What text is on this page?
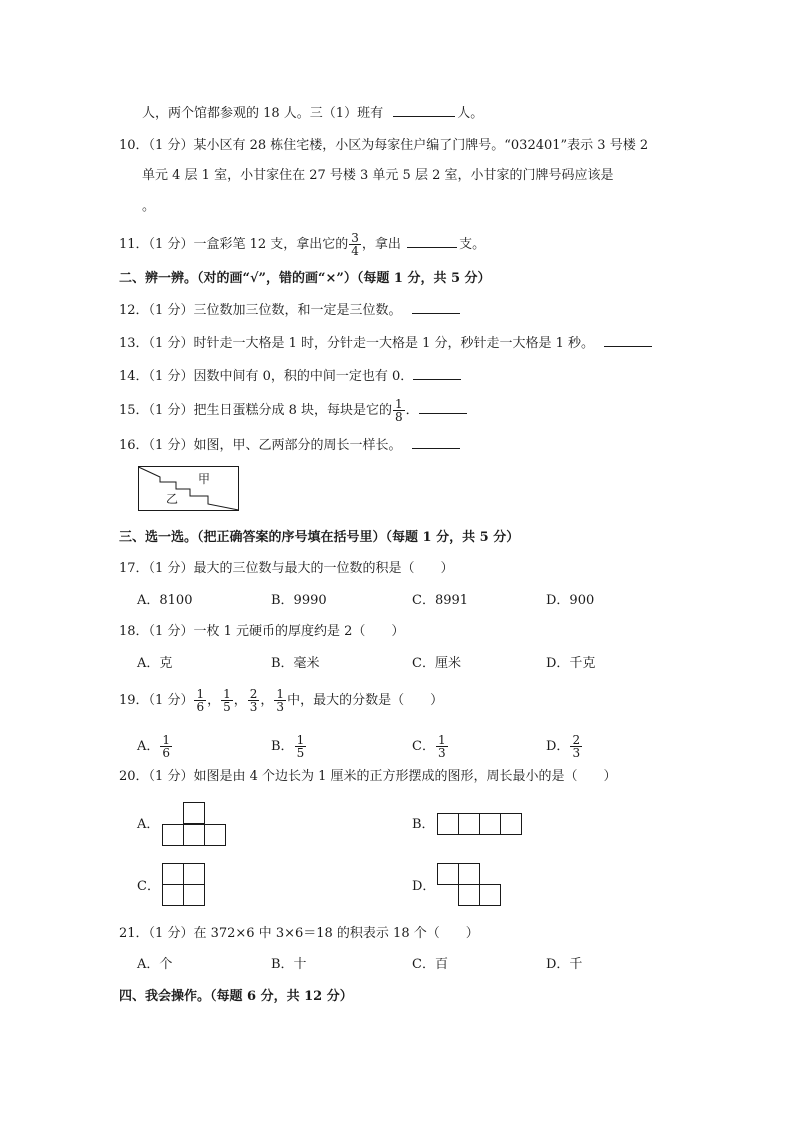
人，两个馆都参观的 18 人。三（1）班有	人。
10．（1 分）某小区有 28 栋住宅楼，小区为每家住户编了门牌号。“032401”表示 3 号楼 2
单元 4 层 1 室，小甘家住在 27 号楼 3 单元 5 层 2 室，小甘家的门牌号码应该是
。
11．（1 分）一盒彩笔 12 支，拿出它的 $\frac{3}{4}$ ，拿出	支。
二、辨一辨。（对的画“√”，错的画“×”）（每题 1 分，共 5 分）
12．（1 分）三位数加三位数，和一定是三位数。
13．（1 分）时针走一大格是 1 时，分针走一大格是 1 分，秒针走一大格是 1 秒。
14．（1 分）因数中间有 0，积的中间一定也有 0．
15．（1 分）把生日蛋糕分成 8 块，每块是它的 $\frac{1}{8}$ ．
16．（1 分）如图，甲、乙两部分的周长一样长。
甲
乙
三、选一选。（把正确答案的序号填在括号里）（每题 1 分，共 5 分）
17．（1 分）最大的三位数与最大的一位数的积是（　　）
A．8100	B．9990	C．8991	D．900
18．（1 分）一枚 1 元硬币的厚度约是 2（　　）
A．克	B．毫米	C．厘米	D．千克
19．（1 分） $\frac{1}{6}$ ， $\frac{1}{5}$ ， $\frac{2}{3}$ ， $\frac{1}{3}$ 中，最大的分数是（　　）
A． $\frac{1}{6}$	B． $\frac{1}{5}$	C． $\frac{1}{3}$	D． $\frac{2}{3}$
20．（1 分）如图是由 4 个边长为 1 厘米的正方形摆成的图形，周长最小的是（　　）
A．	B．
C．	D．
21．（1 分）在 372×6 中 3×6＝18 的积表示 18 个（　　）
A．个	B．十	C．百	D．千
四、我会操作。（每题 6 分，共 12 分）
